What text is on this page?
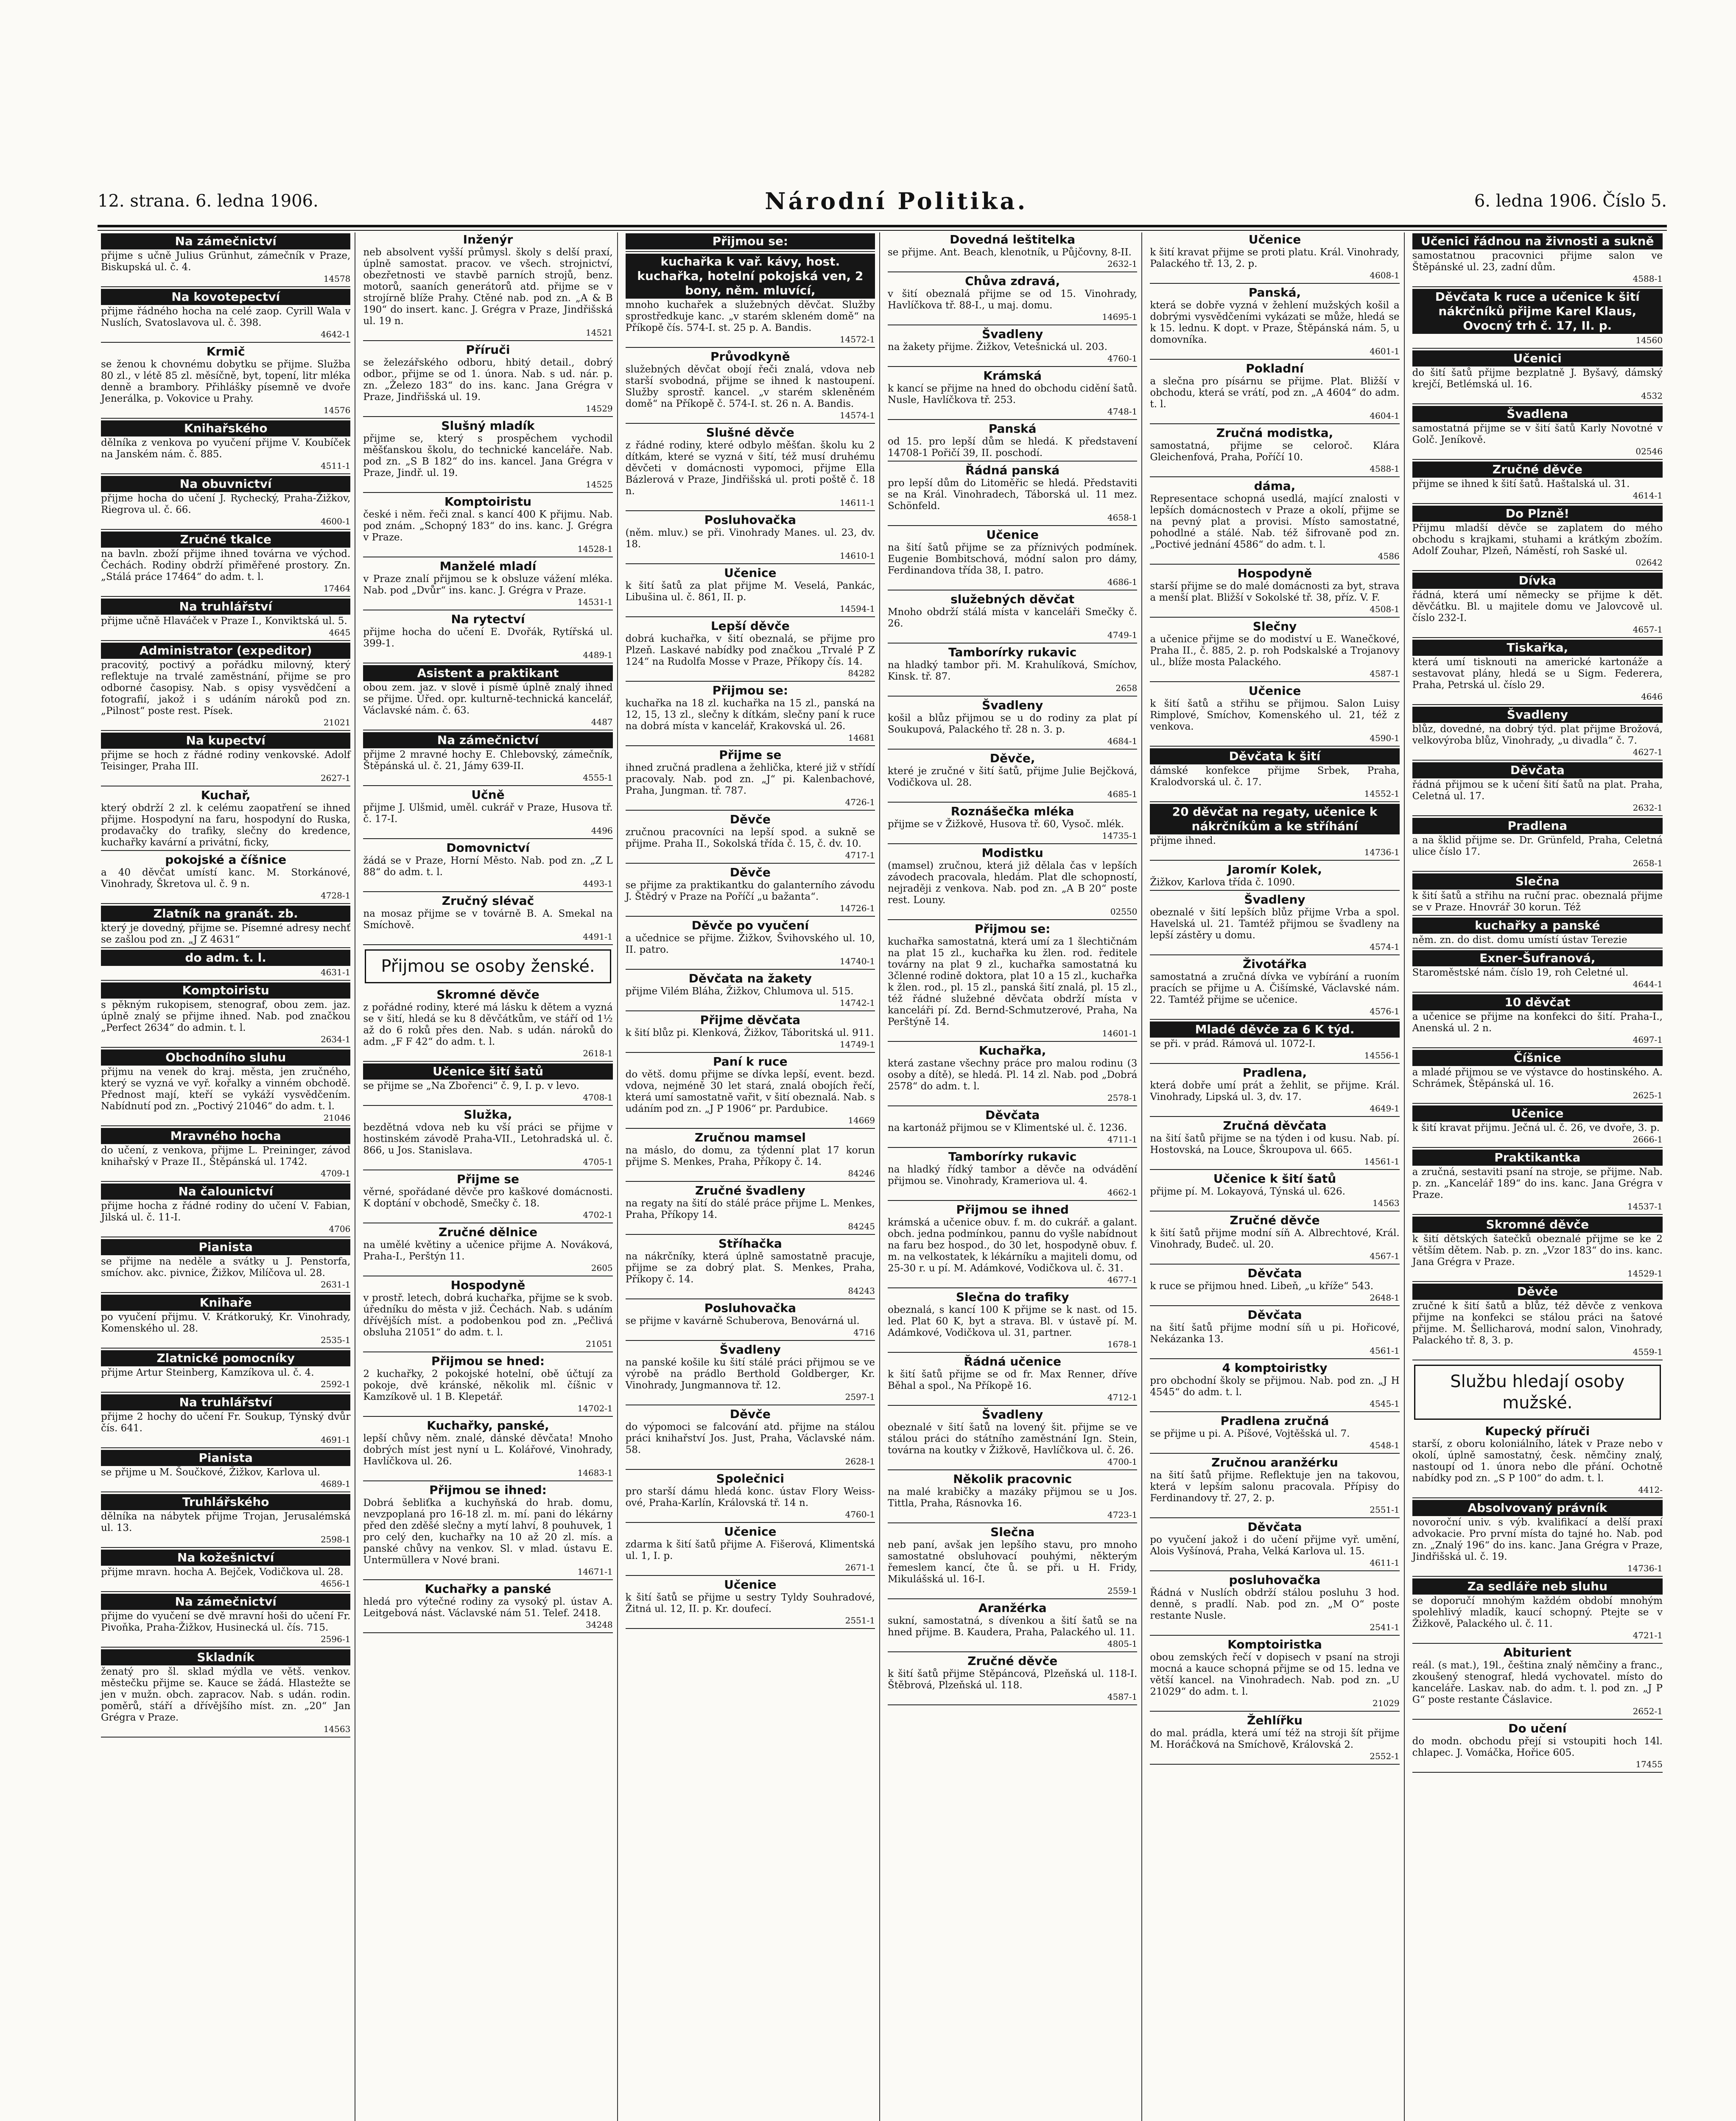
12. strana. 6. ledna 1906.	Národní Politika.	6. ledna 1906. Číslo 5.
Na zámečnictví
přijme s učně Julius Grünhut, zámečník v Praze, Biskupská ul. č. 4.
14578
Na kovotepectví
přijme řádného hocha na celé zaop. Cyrill Wala v Nuslích, Svatoslavova ul. č. 398.
4642-1
Krmič
se ženou k chovnému dobytku se přijme. Služba 80 zl., v létě 85 zl. měsíčně, byt, topení, litr mléka denně a brambory. Přihlášky písemně ve dvoře Jenerálka, p. Vokovice u Prahy.
14576
Knihařského
dělníka z venkova po vyučení přijme V. Koubíček na Janském nám. č. 885.
4511-1
Na obuvnictví
přijme hocha do učení J. Rychecký, Praha-Žižkov, Riegrova ul. č. 66.
4600-1
Zručné tkalce
na bavln. zboží přijme ihned továrna ve východ. Čechách. Rodiny obdrží přiměřené prostory. Zn. „Stálá práce 17464“ do adm. t. l.
17464
Na truhlářství
přijme učně Hlaváček v Praze I., Konviktská ul. 5.
4645
Administrator (expeditor)
pracovitý, poctivý a pořádku milovný, který reflektuje na trvalé zaměstnání, přijme se pro odborné časopisy. Nab. s opisy vysvědčení a fotografií, jakož i s udáním nároků pod zn. „Pilnost“ poste rest. Písek.
21021
Na kupectví
přijme se hoch z řádné rodiny venkovské. Adolf Teisinger, Praha III.
2627-1
Kuchař,
který obdrží 2 zl. k celému zaopatření se ihned přijme. Hospodyní na faru, hospodyní do Ruska, prodavačky do trafiky, slečny do kredence, kuchařky kavární a privátní, ficky,
pokojské a číšnice
a 40 děvčat umístí kanc. M. Storkánové, Vinohrady, Škretova ul. č. 9 n.
4728-1
Zlatník na granát. zb.
který je dovedný, přijme se. Písemné adresy nechť se zašlou pod zn. „J Z 4631“
do adm. t. l.
4631-1
Komptoiristu
s pěkným rukopisem, stenograf, obou zem. jaz. úplně znalý se přijme ihned. Nab. pod značkou „Perfect 2634“ do admin. t. l.
2634-1
Obchodního sluhu
přijmu na venek do kraj. města, jen zručného, který se vyzná ve vyř. kořalky a vinném obchodě. Přednost mají, kteří se vykáží vysvědčením. Nabídnutí pod zn. „Poctivý 21046“ do adm. t. l.
21046
Mravného hocha
do učení, z venkova, přijme L. Preininger, závod knihařský v Praze II., Štěpánská ul. 1742.
4709-1
Na čalounictví
přijme hocha z řádné rodiny do učení V. Fabian, Jilská ul. č. 11-I.
4706
Pianista
se přijme na neděle a svátky u J. Penstorfa, smíchov. akc. pivnice, Žižkov, Milíčova ul. 28.
2631-1
Knihaře
po vyučení přijmu. V. Krátkoruký, Kr. Vinohrady, Komenského ul. 28.
2535-1
Zlatnické pomocníky
přijme Artur Steinberg, Kamzíkova ul. č. 4.
2592-1
Na truhlářství
přijme 2 hochy do učení Fr. Soukup, Týnský dvůr čís. 641.
4691-1
Pianista
se přijme u M. Šoučkové, Žižkov, Karlova ul.
4689-1
Truhlářského
dělníka na nábytek přijme Trojan, Jerusalémská ul. 13.
2598-1
Na kožešnictví
přijme mravn. hocha A. Bejček, Vodičkova ul. 28.
4656-1
Na zámečnictví
přijme do vyučení se dvě mravní hoši do učení Fr. Pivoňka, Praha-Žižkov, Husinecká ul. čís. 715.
2596-1
Skladník
ženatý pro šl. sklad mýdla ve větš. venkov. městečku přijme se. Kauce se žádá. Hlastežte se jen v mužn. obch. zapracov. Nab. s udán. rodin. poměrů, stáří a dřívějšího míst. zn. „20“ Jan Grégra v Praze.
14563
Inženýr
neb absolvent vyšší průmysl. školy s delší praxí, úplně samostat. pracov. ve všech. strojnictví, obezřetnosti ve stavbě parních strojů, benz. motorů, saaních generátorů atd. přijme se v strojírně blíže Prahy. Ctěné nab. pod zn. „A & B 190“ do insert. kanc. J. Grégra v Praze, Jindřišská ul. 19 n.
14521
Příruči
se železářského odboru, hbitý detail., dobrý odbor., přijme se od 1. února. Nab. s ud. nár. p. zn. „Železo 183“ do ins. kanc. Jana Grégra v Praze, Jindřišská ul. 19.
14529
Slušný mladík
přijme se, který s prospěchem vychodil měšťanskou školu, do technické kanceláře. Nab. pod zn. „S B 182“ do ins. kancel. Jana Grégra v Praze, Jindř. ul. 19.
14525
Komptoiristu
české i něm. řeči znal. s kancí 400 K přijmu. Nab. pod znám. „Schopný 183“ do ins. kanc. J. Grégra v Praze.
14528-1
Manželé mladí
v Praze znalí přijmou se k obsluze vážení mléka. Nab. pod „Dvůr“ ins. kanc. J. Grégra v Praze.
14531-1
Na rytectví
přijme hocha do učení E. Dvořák, Rytířská ul. 399-1.
4489-1
Asistent a praktikant
obou zem. jaz. v slově i písmě úplně znalý ihned se přijme. Úřed. opr. kulturně-technická kancelář, Václavské nám. č. 63.
4487
Na zámečnictví
přijme 2 mravné hochy E. Chlebovský, zámečník, Štěpánská ul. č. 21, Jámy 639-II.
4555-1
Učně
přijme J. Ulšmid, uměl. cukrář v Praze, Husova tř. č. 17-I.
4496
Domovnictví
žádá se v Praze, Horní Město. Nab. pod zn. „Z L 88“ do adm. t. l.
4493-1
Zručný slévač
na mosaz přijme se v továrně B. A. Smekal na Smíchově.
4491-1
Přijmou se osoby ženské.
Skromné děvče
z pořádné rodiny, které má lásku k dětem a vyzná se v šití, hledá se ku 8 děvčátkům, ve stáří od 1½ až do 6 roků přes den. Nab. s udán. nároků do adm. „F F 42“ do adm. t. l.
2618-1
Učenice šití šatů
se přijme se „Na Zbořenci“ č. 9, I. p. v levo.
4708-1
Služka,
bezdětná vdova neb ku vší práci se přijme v hostinském závodě Praha-VII., Letohradská ul. č. 866, u Jos. Stanislava.
4705-1
Přijme se
věrné, spořádané děvče pro kaškové domácnosti. K doptání v obchodě, Smečky č. 18.
4702-1
Zručné dělnice
na umělé květiny a učenice přijme A. Nováková, Praha-I., Perštýn 11.
2605
Hospodyně
v prostř. letech, dobrá kuchařka, přijme se k svob. úředníku do města v již. Čechách. Nab. s udáním dřívějších míst. a podobenkou pod zn. „Pečlivá obsluha 21051“ do adm. t. l.
21051
Přijmou se hned:
2 kuchařky, 2 pokojské hotelní, obě účtují za pokoje, dvě kránské, několik ml. číšnic v Kamzíkově ul. 1 B. Klepetář.
14702-1
Kuchařky, panské,
lepší chůvy něm. znalé, dánské děvčata! Mnoho dobrých míst jest nyní u L. Kolářové, Vinohrady, Havlíčkova ul. 26.
14683-1
Přijmou se ihned:
Dobrá šebliťka a kuchyňská do hrab. domu, nevzpoplaná pro 16-18 zl. m. mí. pani do lékárny před den zděšé slečny a mytí lahví, 8 pouhuvek, 1 pro celý den, kuchařky na 10 až 20 zl. mís. a panské chůvy na venkov. Sl. v mlad. ústavu E. Untermüllera v Nové brani.
14671-1
Kuchařky a panské
hledá pro výtečné rodiny za vysoký pl. ústav A. Leitgebová nást. Václavské nám 51. Telef. 2418.
34248
Přijmou se:
kuchařka k vař. kávy, host. kuchařka, hotelní pokojská ven, 2 bony, něm. mluvící,
mnoho kuchařek a služebných děvčat. Služby sprostředkuje kanc. „v starém skleném domě“ na Příkopě čís. 574-I. st. 25 p. A. Bandis.
14572-1
Průvodkyně
služebných děvčat obojí řeči znalá, vdova neb starší svobodná, přijme se ihned k nastoupení. Služby sprostř. kancel. „v starém skleněném domě“ na Příkopě č. 574-I. st. 26 n. A. Bandis.
14574-1
Slušné děvče
z řádné rodiny, které odbylo měšťan. školu ku 2 dítkám, které se vyzná v šití, též musí druhému děvčeti v domácnosti vypomoci, přijme Ella Bázlerová v Praze, Jindřišská ul. proti poště č. 18 n.
14611-1
Posluhovačka
(něm. mluv.) se při. Vinohrady Manes. ul. 23, dv. 18.
14610-1
Učenice
k šití šatů za plat přijme M. Veselá, Pankác, Libušina ul. č. 861, II. p.
14594-1
Lepší děvče
dobrá kuchařka, v šití obeznalá, se přijme pro Plzeň. Laskavé nabídky pod značkou „Trvalé P Z 124“ na Rudolfa Mosse v Praze, Příkopy čís. 14.
84282
Přijmou se:
kuchařka na 18 zl. kuchařka na 15 zl., panská na 12, 15, 13 zl., slečny k dítkám, slečny paní k ruce na dobrá místa v kancelář, Krakovská ul. 26.
14681
Přijme se
ihned zručná pradlena a žehlička, které již v střídí pracovaly. Nab. pod zn. „J“ pi. Kalenbachové, Praha, Jungman. tř. 787.
4726-1
Děvče
zručnou pracovníci na lepší spod. a sukně se přijme. Praha II., Sokolská třída č. 15, č. dv. 10.
4717-1
Děvče
se přijme za praktikantku do galanterního závodu J. Štědrý v Praze na Poříčí „u bažanta“.
14726-1
Děvče po vyučení
a učednice se přijme. Žižkov, Švihovského ul. 10, II. patro.
14740-1
Děvčata na žakety
přijme Vilém Bláha, Žižkov, Chlumova ul. 515.
14742-1
Přijme děvčata
k šití blůz pi. Klenková, Žižkov, Táboritská ul. 911.
14749-1
Paní k ruce
do větš. domu přijme se dívka lepší, event. bezd. vdova, nejméně 30 let stará, znalá obojích řečí, která umí samostatně vařit, v šití obeznalá. Nab. s udáním pod zn. „J P 1906“ pr. Pardubice.
14669
Zručnou mamsel
na máslo, do domu, za týdenní plat 17 korun přijme S. Menkes, Praha, Příkopy č. 14.
84246
Zručné švadleny
na regaty na šití do stálé práce přijme L. Menkes, Praha, Příkopy 14.
84245
Stříhačka
na nákrčníky, která úplně samostatně pracuje, přijme se za dobrý plat. S. Menkes, Praha, Příkopy č. 14.
84243
Posluhovačka
se přijme v kavárně Schuberova, Benovárná ul.
4716
Švadleny
na panské košile ku šití stálé práci přijmou se ve výrobě na prádlo Berthold Goldberger, Kr. Vinohrady, Jungmannova tř. 12.
2597-1
Děvče
do výpomoci se falcování atd. přijme na stálou práci knihařství Jos. Just, Praha, Václavské nám. 58.
2628-1
Společnici
pro starší dámu hledá konc. ústav Flory Weiss-ové, Praha-Karlín, Královská tř. 14 n.
4760-1
Učenice
zdarma k šití šatů přijme A. Fišerová, Klimentská ul. 1, I. p.
2671-1
Učenice
k šití šatů se přijme u sestry Tyldy Souhradové, Žitná ul. 12, II. p. Kr. doufecí.
2551-1
Dovedná leštitelka
se přijme. Ant. Beach, klenotník, u Půjčovny, 8-II.
2632-1
Chůva zdravá,
v šití obeznalá přijme se od 15. Vinohrady, Havlíčkova tř. 88-I., u maj. domu.
14695-1
Švadleny
na žakety přijme. Žižkov, Vetešnická ul. 203.
4760-1
Krámská
k kancí se přijme na hned do obchodu cidění šatů. Nusle, Havlíčkova tř. 253.
4748-1
Panská
od 15. pro lepší dům se hledá. K představení 14708-1 Pořičí 39, II. poschodí.
Řádná panská
pro lepší dům do Litoměřic se hledá. Představiti se na Král. Vinohradech, Táborská ul. 11 mez. Schönfeld.
4658-1
Učenice
na šití šatů přijme se za příznivých podmínek. Eugenie Bombitschová, módní salon pro dámy, Ferdinandova třída 38, I. patro.
4686-1
služebných děvčat
Mnoho obdrží stálá místa v kanceláři Smečky č. 26.
4749-1
Tamborírky rukavic
na hladký tambor při. M. Krahulíková, Smíchov, Kinsk. tř. 87.
2658
Švadleny
košil a blůz přijmou se u do rodiny za plat pí Soukupová, Palackého tř. 28 n. 3. p.
4684-1
Děvče,
které je zručné v šití šatů, přijme Julie Bejčková, Vodičkova ul. 28.
4685-1
Roznášečka mléka
přijme se v Žižkově, Husova tř. 60, Vysoč. mlék.
14735-1
Modistku
(mamsel) zručnou, která již dělala čas v lepších závodech pracovala, hledám. Plat dle schopností, nejraději z venkova. Nab. pod zn. „A B 20“ poste rest. Louny.
02550
Přijmou se:
kuchařka samostatná, která umí za 1 šlechtičnám na plat 15 zl., kuchařka ku žlen. rod. ředitele továrny na plat 9 zl., kuchařka samostatná ku 3členné rodině doktora, plat 10 a 15 zl., kuchařka k žlen. rod., pl. 15 zl., panská šití znalá, pl. 15 zl., též řádné služebné děvčata obdrží místa v kanceláři pí. Zd. Bernd-Schmutzerové, Praha, Na Perštýně 14.
14601-1
Kuchařka,
která zastane všechny práce pro malou rodinu (3 osoby a dítě), se hledá. Pl. 14 zl. Nab. pod „Dobrá 2578“ do adm. t. l.
2578-1
Děvčata
na kartonáž přijmou se v Klimentské ul. č. 1236.
4711-1
Tamborírky rukavic
na hladký řídký tambor a děvče na odvádění přijmou se. Vinohrady, Krameriova ul. 4.
4662-1
Přijmou se ihned
krámská a učenice obuv. f. m. do cukrář. a galant. obch. jedna podmínkou, pannu do vyšle nabídnout na faru bez hospod., do 30 let, hospodyně obuv. f. m. na velkostatek, k lékárníku a majiteli domu, od 25-30 r. u pí. M. Adámkové, Vodičkova ul. č. 31.
4677-1
Slečna do trafiky
obeznalá, s kancí 100 K přijme se k nast. od 15. led. Plat 60 K, byt a strava. Bl. v ústavě pí. M. Adámkové, Vodičkova ul. 31, partner.
1678-1
Řádná učenice
k šití šatů přijme se od fr. Max Renner, dříve Běhal a spol., Na Příkopě 16.
4712-1
Švadleny
obeznalé v šití šatů na lovený šit. přijme se ve stálou práci do státního zaměstnání Ign. Stein, továrna na koutky v Žižkově, Havlíčkova ul. č. 26.
4700-1
Několik pracovnic
na malé krabičky a mazáky přijmou se u Jos. Tittla, Praha, Rásnovka 16.
4723-1
Slečna
neb paní, avšak jen lepšího stavu, pro mnoho samostatné obsluhovací pouhými, některým řemeslem kancí, čte ů. se při. u H. Fridy, Mikulášská ul. 16-I.
2559-1
Aranžérka
sukní, samostatná, s dívenkou a šití šatů se na hned přijme. B. Kaudera, Praha, Palackého ul. 11.
4805-1
Zručné děvče
k šití šatů přijme Stěpáncová, Plzeňská ul. 118-I. Štěbrová, Plzeňská ul. 118.
4587-1
Učenice
k šití kravat přijme se proti platu. Král. Vinohrady, Palackého tř. 13, 2. p.
4608-1
Panská,
která se dobře vyzná v žehlení mužských košil a dobrými vysvědčeními vykázati se může, hledá se k 15. lednu. K dopt. v Praze, Štěpánská nám. 5, u domovníka.
4601-1
Pokladní
a slečna pro písárnu se přijme. Plat. Bližší v obchodu, která se vrátí, pod zn. „A 4604“ do adm. t. l.
4604-1
Zručná modistka,
samostatná, přijme se celoroč. Klára Gleichenfová, Praha, Poříčí 10.
4588-1
dáma,
Representace schopná usedlá, mající znalosti v lepších domácnostech v Praze a okolí, přijme se na pevný plat a provisi. Místo samostatné, pohodlné a stálé. Nab. též šifrovaně pod zn. „Poctivé jednání 4586“ do adm. t. l.
4586
Hospodyně
starší přijme se do malé domácnosti za byt, strava a menší plat. Bližší v Sokolské tř. 38, příz. V. F.
4508-1
Slečny
a učenice přijme se do modiství u E. Wanečkové, Praha II., č. 885, 2. p. roh Podskalské a Trojanovy ul., blíže mosta Palackého.
4587-1
Učenice
k šití šatů a střihu se přijmou. Salon Luisy Rimplové, Smíchov, Komenského ul. 21, též z venkova.
4590-1
Děvčata k šití
dámské konfekce přijme Srbek, Praha, Kralodvorská ul. č. 17.
14552-1
20 děvčat na regaty, učenice k nákrčníkům a ke stříhání
přijme ihned.
14736-1
Jaromír Kolek,
Žižkov, Karlova třída č. 1090.
Švadleny
obeznalé v šití lepších blůz přijme Vrba a spol. Havelská ul. 21. Tamtéž přijmou se švadleny na lepší zástěry u domu.
4574-1
Životářka
samostatná a zručná dívka ve vybírání a ruoním pracích se přijme u A. Čišímské, Václavské nám. 22. Tamtéž přijme se učenice.
4576-1
Mladé děvče za 6 K týd.
se při. v prád. Rámová ul. 1072-I.
14556-1
Pradlena,
která dobře umí prát a žehlit, se přijme. Král. Vinohrady, Lipská ul. 3, dv. 17.
4649-1
Zručná děvčata
na šití šatů přijme se na týden i od kusu. Nab. pí. Hostovská, na Louce, Škroupova ul. 665.
14561-1
Učenice k šití šatů
přijme pí. M. Lokayová, Týnská ul. 626.
14563
Zručné děvče
k šití šatů přijme modní síň A. Albrechtové, Král. Vinohrady, Budeč. ul. 20.
4567-1
Děvčata
k ruce se přijmou hned. Libeň, „u kříže“ 543.
2648-1
Děvčata
na šití šatů přijme modní síň u pi. Hořicové, Nekázanka 13.
4561-1
4 komptoiristky
pro obchodní školy se přijmou. Nab. pod zn. „J H 4545“ do adm. t. l.
4545-1
Pradlena zručná
se přijme u pi. A. Píšové, Vojtěšská ul. 7.
4548-1
Zručnou aranžérku
na šití šatů přijme. Reflektuje jen na takovou, která v lepším salonu pracovala. Přípisy do Ferdinandovy tř. 27, 2. p.
2551-1
Děvčata
po vyučení jakož i do učení přijme vyř. umění, Alois Vyšínová, Praha, Velká Karlova ul. 15.
4611-1
posluhovačka
Řádná v Nuslích obdrží stálou posluhu 3 hod. denně, s pradlí. Nab. pod zn. „M O“ poste restante Nusle.
2541-1
Komptoiristka
obou zemských řečí v dopisech v psaní na stroji mocná a kauce schopná přijme se od 15. ledna ve větší kancel. na Vinohradech. Nab. pod zn. „U 21029“ do adm. t. l.
21029
Žehlířku
do mal. prádla, která umí též na stroji šít přijme M. Horáčková na Smíchově, Královská 2.
2552-1
Učenici řádnou na živnosti a sukně
samostatnou pracovnici přijme salon ve Štěpánské ul. 23, zadní dům.
4588-1
Děvčata k ruce a učenice k šití nákrčníků přijme Karel Klaus, Ovocný trh č. 17, II. p.
14560
Učenici
do šití šatů přijme bezplatně J. Byšavý, dámský krejčí, Betlémská ul. 16.
4532
Švadlena
samostatná přijme se v šití šatů Karly Novotné v Golč. Jeníkově.
02546
Zručné děvče
přijme se ihned k šití šatů. Haštalská ul. 31.
4614-1
Do Plzně!
Přijmu mladší děvče se zaplatem do mého obchodu s krajkami, stuhami a krátkým zbožím. Adolf Zouhar, Plzeň, Náměstí, roh Saské ul.
02642
Dívka
řádná, která umí německy se přijme k dět. děvčátku. Bl. u majitele domu ve Jalovcově ul. číslo 232-I.
4657-1
Tiskařka,
která umí tisknouti na americké kartonáže a sestavovat plány, hledá se u Sigm. Federera, Praha, Petrská ul. číslo 29.
4646
Švadleny
blůz, dovedné, na dobrý týd. plat přijme Brožová, velkovýroba blůz, Vinohrady, „u divadla“ č. 7.
4627-1
Děvčata
řádná přijmou se k učení šití šatů na plat. Praha, Celetná ul. 17.
2632-1
Pradlena
a na šklid přijme se. Dr. Grünfeld, Praha, Celetná ulice číslo 17.
2658-1
Slečna
k šití šatů a střihu na ruční prac. obeznalá přijme se v Praze. Hnovrář 30 korun. Též
kuchařky a panské
něm. zn. do dist. domu umístí ústav Terezie
Exner-Šufranová,
Staroměstské nám. číslo 19, roh Celetné ul.
4644-1
10 děvčat
a učenice se přijme na konfekci do šití. Praha-I., Anenská ul. 2 n.
4697-1
Číšnice
a mladé přijmou se ve výstavce do hostinského. A. Schrámek, Štěpánská ul. 16.
2625-1
Učenice
k šití kravat přijmu. Ječná ul. č. 26, ve dvoře, 3. p.
2666-1
Praktikantka
a zručná, sestaviti psaní na stroje, se přijme. Nab. p. zn. „Kancelář 189“ do ins. kanc. Jana Grégra v Praze.
14537-1
Skromné děvče
k šití dětských šatečků obeznalé přijme se ke 2 větším dětem. Nab. p. zn. „Vzor 183“ do ins. kanc. Jana Grégra v Praze.
14529-1
Děvče
zručné k šití šatů a blůz, též děvče z venkova přijme na konfekci se stálou práci na šatové přijme. M. Šellicharová, modní salon, Vinohrady, Palackého tř. 8, 3. p.
4559-1
Službu hledají osoby mužské.
Kupecký příruči
starší, z oboru koloniálního, látek v Praze nebo v okolí, úplně samostatný, česk. němčiny znalý, nastoupí od 1. února nebo dle přání. Ochotně nabídky pod zn. „S P 100“ do adm. t. l.
4412-
Absolvovaný právník
novoroční univ. s výb. kvalifikací a delší praxí advokacie. Pro první místa do tajné ho. Nab. pod zn. „Znalý 196“ do ins. kanc. Jana Grégra v Praze, Jindřišská ul. č. 19.
14736-1
Za sedláře neb sluhu
se doporučí mnohým každém období mnohým spolehlivý mladík, kaucí schopný. Ptejte se v Žižkově, Palackého ul. č. 11.
4721-1
Abiturient
reál. (s mat.), 19l., čeština znalý němčiny a franc., zkoušený stenograf, hledá vychovatel. místo do kanceláře. Laskav. nab. do adm. t. l. pod zn. „J P G“ poste restante Čáslavice.
2652-1
Do učení
do modn. obchodu přejí si vstoupiti hoch 14l. chlapec. J. Vomáčka, Hořice 605.
17455
